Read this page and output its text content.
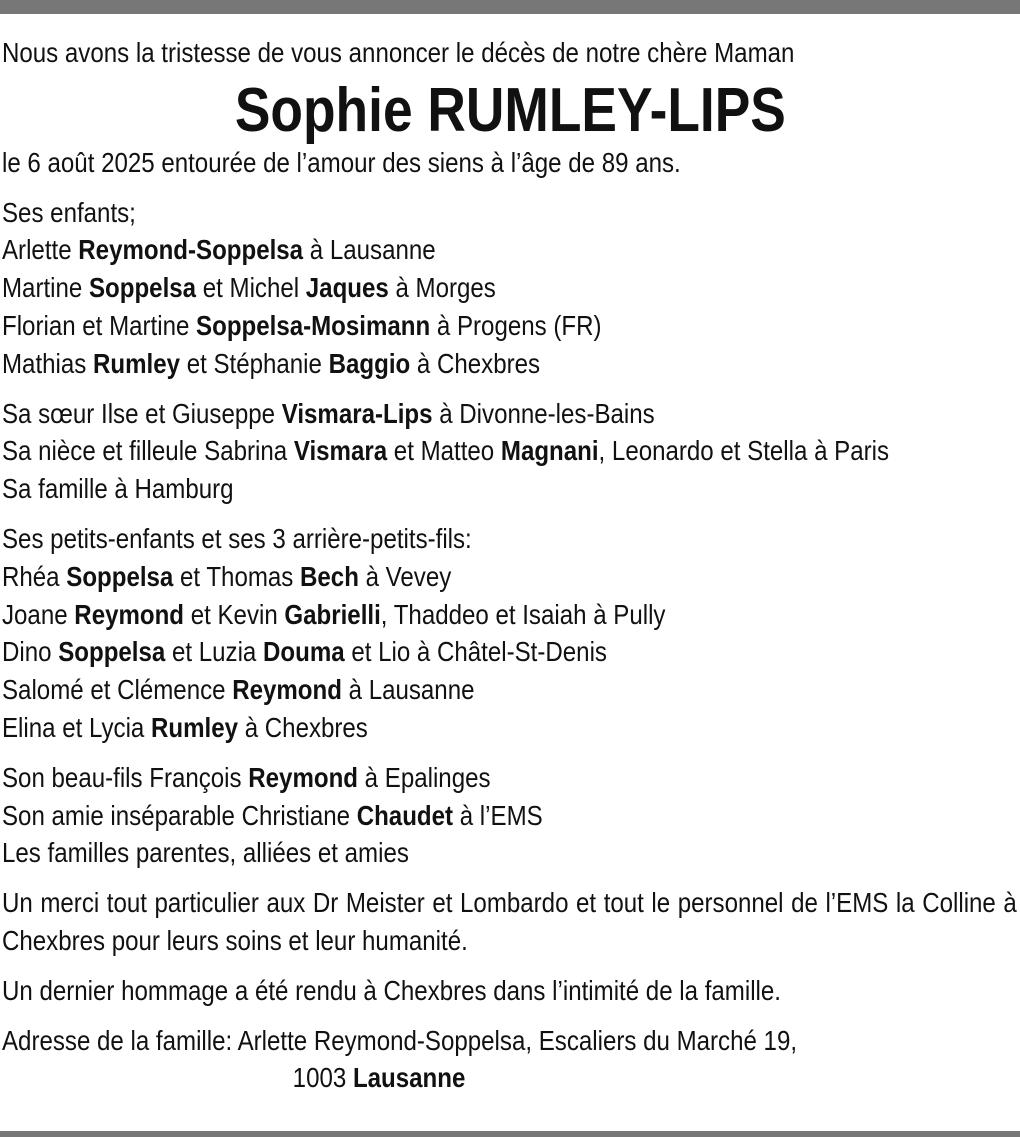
Nous avons la tristesse de vous annoncer le décès de notre chère Maman
Sophie RUMLEY-LIPS
le 6 août 2025 entourée de l’amour des siens à l’âge de 89 ans.
Ses enfants;
Arlette Reymond-Soppelsa à Lausanne
Martine Soppelsa et Michel Jaques à Morges
Florian et Martine Soppelsa-Mosimann à Progens (FR)
Mathias Rumley et Stéphanie Baggio à Chexbres
Sa sœur Ilse et Giuseppe Vismara-Lips à Divonne-les-Bains
Sa nièce et filleule Sabrina Vismara et Matteo Magnani, Leonardo et Stella à Paris
Sa famille à Hamburg
Ses petits-enfants et ses 3 arrière-petits-fils:
Rhéa Soppelsa et Thomas Bech à Vevey
Joane Reymond et Kevin Gabrielli, Thaddeo et Isaiah à Pully
Dino Soppelsa et Luzia Douma et Lio à Châtel-St-Denis
Salomé et Clémence Reymond à Lausanne
Elina et Lycia Rumley à Chexbres
Son beau-fils François Reymond à Epalinges
Son amie inséparable Christiane Chaudet à l’EMS
Les familles parentes, alliées et amies
Un merci tout particulier aux Dr Meister et Lombardo et tout le personnel de l’EMS la Colline à Chexbres pour leurs soins et leur humanité.
Un dernier hommage a été rendu à Chexbres dans l’intimité de la famille.
Adresse de la famille: Arlette Reymond-Soppelsa, Escaliers du Marché 19,
1003 Lausanne
